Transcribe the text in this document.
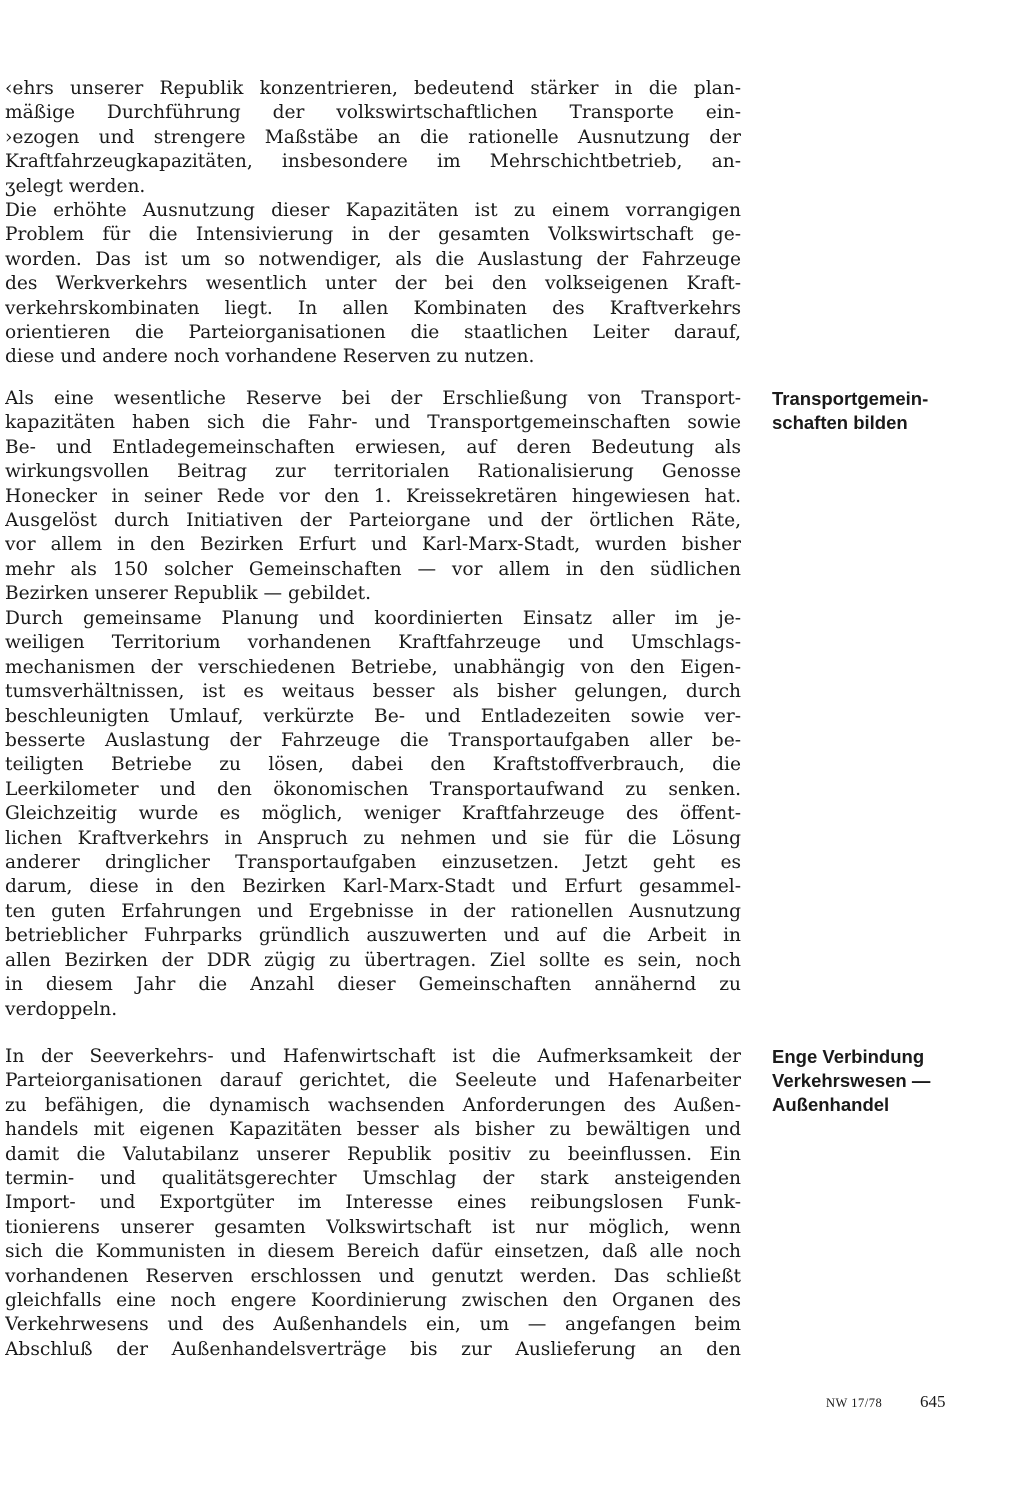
‹ehrs unserer Republik konzentrieren, bedeutend stärker in die plan-
mäßige Durchführung der volkswirtschaftlichen Transporte ein-
›ezogen und strengere Maßstäbe an die rationelle Ausnutzung der
Kraftfahrzeugkapazitäten, insbesondere im Mehrschichtbetrieb, an-
ʒelegt werden.

Die erhöhte Ausnutzung dieser Kapazitäten ist zu einem vorrangigen
Problem für die Intensivierung in der gesamten Volkswirtschaft ge-
worden. Das ist um so notwendiger, als die Auslastung der Fahrzeuge
des Werkverkehrs wesentlich unter der bei den volkseigenen Kraft-
verkehrskombinaten liegt. In allen Kombinaten des Kraftverkehrs
orientieren die Parteiorganisationen die staatlichen Leiter darauf,
diese und andere noch vorhandene Reserven zu nutzen.

Als eine wesentliche Reserve bei der Erschließung von Transport-
kapazitäten haben sich die Fahr- und Transportgemeinschaften sowie
Be- und Entladegemeinschaften erwiesen, auf deren Bedeutung als
wirkungsvollen Beitrag zur territorialen Rationalisierung Genosse
Honecker in seiner Rede vor den 1. Kreissekretären hingewiesen hat.
Ausgelöst durch Initiativen der Parteiorgane und der örtlichen Räte,
vor allem in den Bezirken Erfurt und Karl-Marx-Stadt, wurden bisher
mehr als 150 solcher Gemeinschaften — vor allem in den südlichen
Bezirken unserer Republik — gebildet.

Durch gemeinsame Planung und koordinierten Einsatz aller im je-
weiligen Territorium vorhandenen Kraftfahrzeuge und Umschlags-
mechanismen der verschiedenen Betriebe, unabhängig von den Eigen-
tumsverhältnissen, ist es weitaus besser als bisher gelungen, durch
beschleunigten Umlauf, verkürzte Be- und Entladezeiten sowie ver-
besserte Auslastung der Fahrzeuge die Transportaufgaben aller be-
teiligten Betriebe zu lösen, dabei den Kraftstoffverbrauch, die
Leerkilometer und den ökonomischen Transportaufwand zu senken.
Gleichzeitig wurde es möglich, weniger Kraftfahrzeuge des öffent-
lichen Kraftverkehrs in Anspruch zu nehmen und sie für die Lösung
anderer dringlicher Transportaufgaben einzusetzen. Jetzt geht es
darum, diese in den Bezirken Karl-Marx-Stadt und Erfurt gesammel-
ten guten Erfahrungen und Ergebnisse in der rationellen Ausnutzung
betrieblicher Fuhrparks gründlich auszuwerten und auf die Arbeit in
allen Bezirken der DDR zügig zu übertragen. Ziel sollte es sein, noch
in diesem Jahr die Anzahl dieser Gemeinschaften annähernd zu
verdoppeln.

In der Seeverkehrs- und Hafenwirtschaft ist die Aufmerksamkeit der
Parteiorganisationen darauf gerichtet, die Seeleute und Hafenarbeiter
zu befähigen, die dynamisch wachsenden Anforderungen des Außen-
handels mit eigenen Kapazitäten besser als bisher zu bewältigen und
damit die Valutabilanz unserer Republik positiv zu beeinflussen. Ein
termin- und qualitätsgerechter Umschlag der stark ansteigenden
Import- und Exportgüter im Interesse eines reibungslosen Funk-
tionierens unserer gesamten Volkswirtschaft ist nur möglich, wenn
sich die Kommunisten in diesem Bereich dafür einsetzen, daß alle noch
vorhandenen Reserven erschlossen und genutzt werden. Das schließt
gleichfalls eine noch engere Koordinierung zwischen den Organen des
Verkehrwesens und des Außenhandels ein, um — angefangen beim
Abschluß der Außenhandelsverträge bis zur Auslieferung an den

Transportgemein-
schaften bilden
Enge Verbindung
Verkehrswesen —
Außenhandel
NW 17/78 645
